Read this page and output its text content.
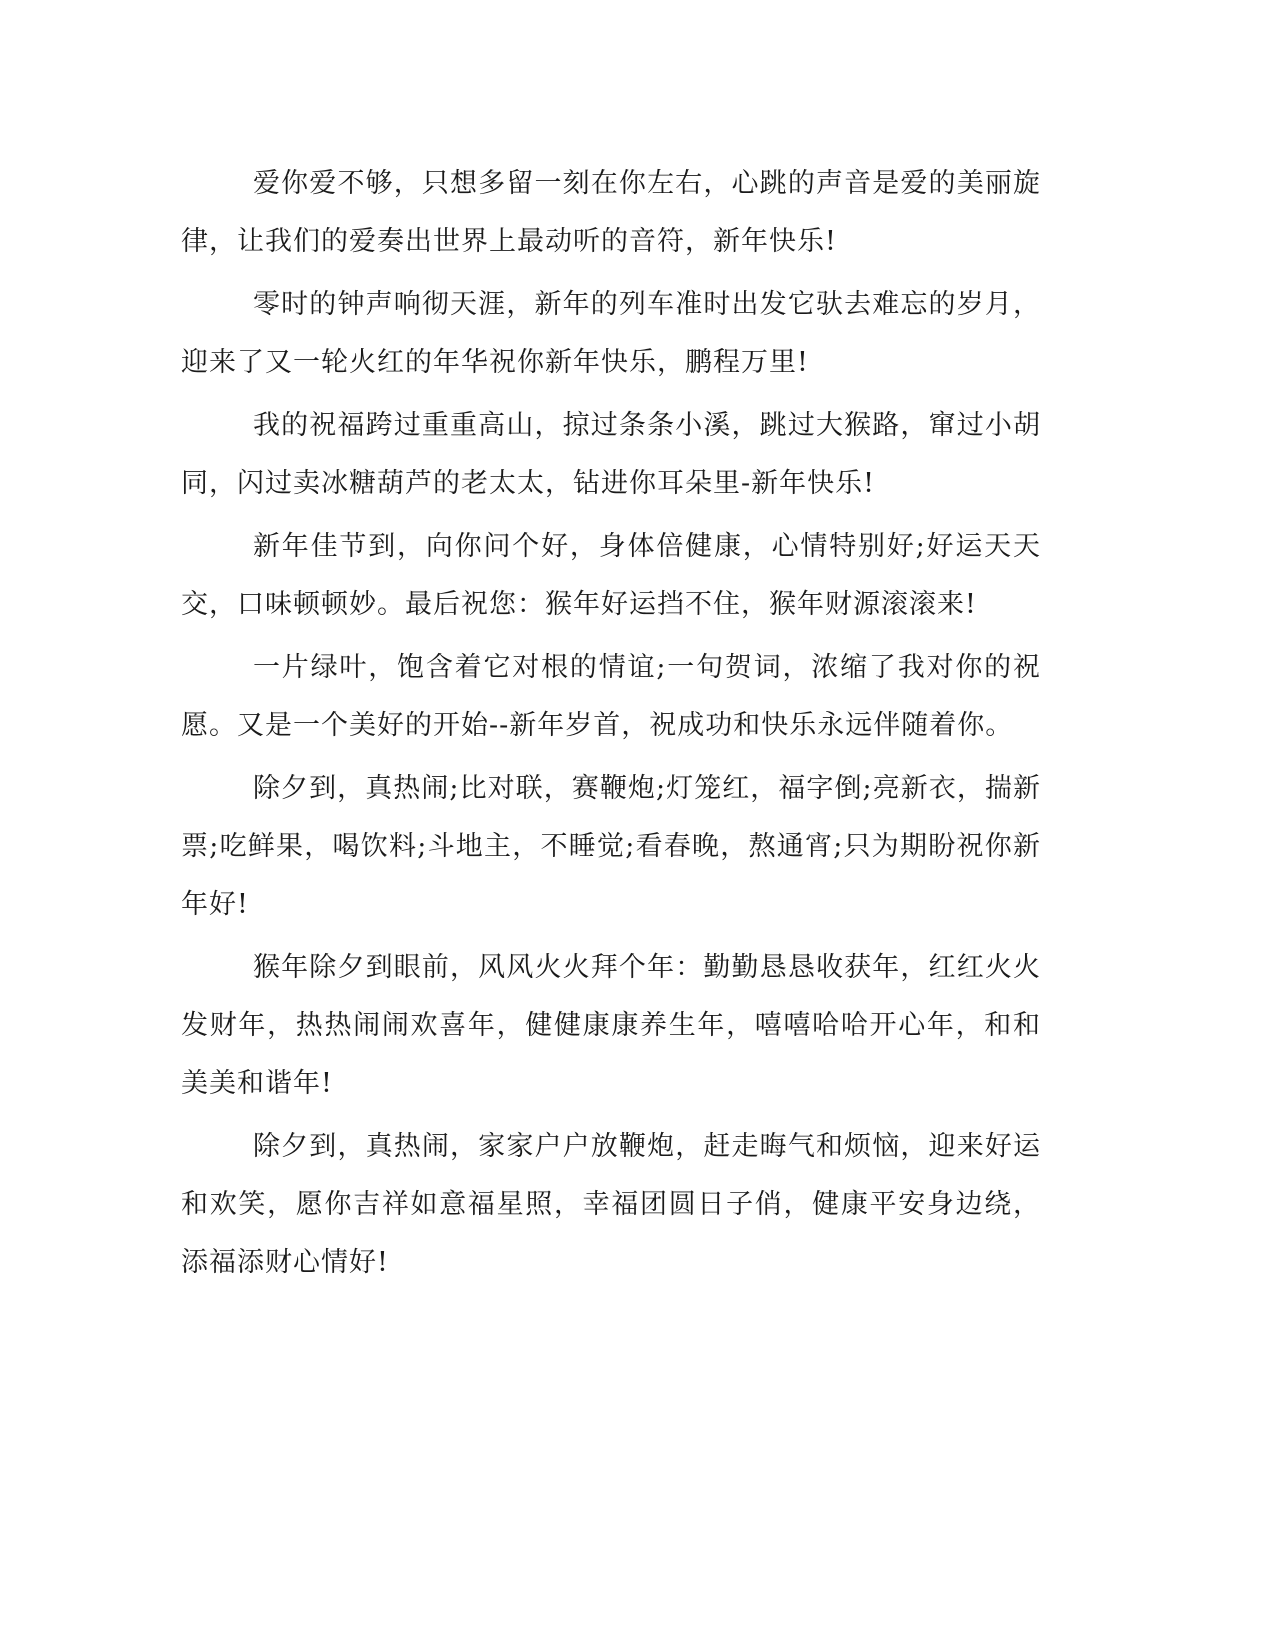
爱你爱不够，只想多留一刻在你左右，心跳的声音是爱的美丽旋律，让我们的爱奏出世界上最动听的音符，新年快乐!

零时的钟声响彻天涯，新年的列车准时出发它驮去难忘的岁月，迎来了又一轮火红的年华祝你新年快乐，鹏程万里!

我的祝福跨过重重高山，掠过条条小溪，跳过大猴路，窜过小胡同，闪过卖冰糖葫芦的老太太，钻进你耳朵里-新年快乐!

新年佳节到，向你问个好，身体倍健康，心情特别好;好运天天交，口味顿顿妙。最后祝您：猴年好运挡不住，猴年财源滚滚来!

一片绿叶，饱含着它对根的情谊;一句贺词，浓缩了我对你的祝愿。又是一个美好的开始--新年岁首，祝成功和快乐永远伴随着你。

除夕到，真热闹;比对联，赛鞭炮;灯笼红，福字倒;亮新衣，揣新票;吃鲜果，喝饮料;斗地主，不睡觉;看春晚，熬通宵;只为期盼祝你新年好!

猴年除夕到眼前，风风火火拜个年：勤勤恳恳收获年，红红火火发财年，热热闹闹欢喜年，健健康康养生年，嘻嘻哈哈开心年，和和美美和谐年!

除夕到，真热闹，家家户户放鞭炮，赶走晦气和烦恼，迎来好运和欢笑，愿你吉祥如意福星照，幸福团圆日子俏，健康平安身边绕，添福添财心情好!
